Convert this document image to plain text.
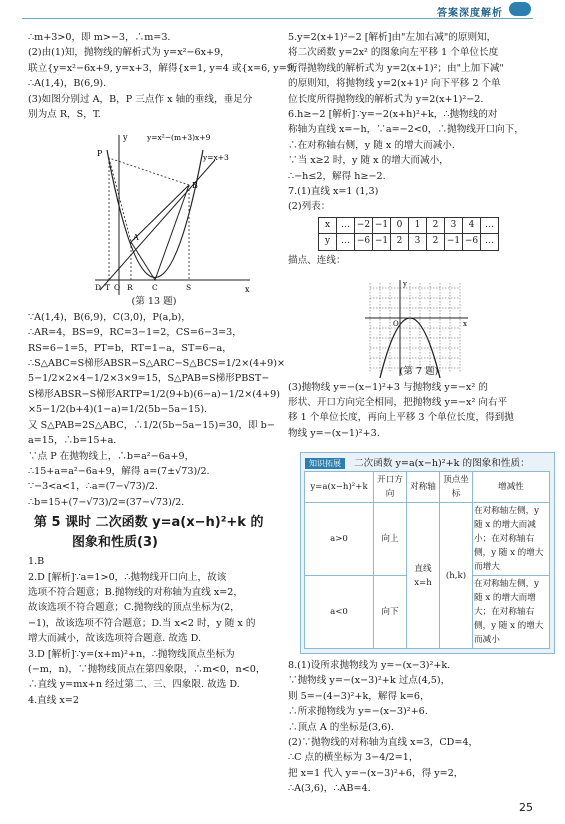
答案深度解析

∴m+3>0，即 m>−3，∴m=3.

(2)由(1)知，抛物线的解析式为 y=x²−6x+9，

联立{y=x²−6x+9, y=x+3，解得{x=1, y=4 或{x=6, y=9，

∴A(1,4)，B(6,9).

(3)如图分别过 A，B，P 三点作 x 轴的垂线，垂足分

别为点 R，S，T.

(第 13 题)

∵A(1,4)，B(6,9)，C(3,0)，P(a,b)，

∴AR=4，BS=9，RC=3−1=2，CS=6−3=3，

RS=6−1=5，PT=b，RT=1−a，ST=6−a，

∴S△ABC=S梯形ABSR−S△ARC−S△BCS=1/2×(4+9)×

5−1/2×2×4−1/2×3×9=15，S△PAB=S梯形PBST−

S梯形ABSR−S梯形ARTP=1/2(9+b)(6−a)−1/2×(4+9)

×5−1/2(b+4)(1−a)=1/2(5b−5a−15).

又 S△PAB=2S△ABC，∴1/2(5b−5a−15)=30，即 b−

a=15，∴b=15+a.

∵点 P 在抛物线上，∴b=a²−6a+9，

∴15+a=a²−6a+9，解得 a=(7±√73)/2.

∵−3<a<1，∴a=(7−√73)/2.

∴b=15+(7−√73)/2=(37−√73)/2.

第 5 课时 二次函数 y=a(x−h)²+k 的

图象和性质(3)

1.B

2.D [解析]∵a=1>0，∴抛物线开口向上，故该

选项不符合题意；B.抛物线的对称轴为直线 x=2，

故该选项不符合题意；C.抛物线的顶点坐标为(2，

−1)，故该选项不符合题意；D.当 x<2 时，y 随 x 的

增大而减小，故该选项符合题意. 故选 D.

3.D [解析]∵y=(x+m)²+n，∴抛物线顶点坐标为

(−m，n)，∵抛物线顶点在第四象限，∴m<0，n<0，

∴直线 y=mx+n 经过第二、三、四象限. 故选 D.

4.直线 x=2

x
y	y=x²−(m+3)x+9
y=x+3
P
A
B
O R
T	C	S
D

5.y=2(x+1)²−2 [解析]由"左加右减"的原则知，

将二次函数 y=2x² 的图象向左平移 1 个单位长度

所得抛物线的解析式为 y=2(x+1)²；由"上加下减"

的原则知，将抛物线 y=2(x+1)² 向下平移 2 个单

位长度所得抛物线的解析式为 y=2(x+1)²−2.

6.h≥−2 [解析]∵y=−2(x+h)²+k，∴抛物线的对

称轴为直线 x=−h，∵a=−2<0，∴抛物线开口向下，

∴在对称轴右侧，y 随 x 的增大而减小.

∵当 x≥2 时，y 随 x 的增大而减小，

∴−h≤2，解得 h≥−2.

7.(1)直线 x=1 (1,3)

(2)列表：

x	…	−2	−1	0	1	2	3	4	…
y	…	−6	−1	2	3	2	−1	−6	…

描点、连线：

(第 7 题)

(3)抛物线 y=−(x−1)²+3 与抛物线 y=−x² 的

形状、开口方向完全相同，把抛物线 y=−x² 向右平

移 1 个单位长度，再向上平移 3 个单位长度，得到抛

物线 y=−(x−1)²+3.

x
y
O
知识拓展 二次函数 y=a(x−h)²+k 的图象和性质：
y=a(x−h)²+k	开口方向	对称轴	顶点坐标	增减性
a>0	向上	直线 x=h	(h,k)	在对称轴左侧，y 随 x 的增大而减小；在对称轴右侧，y 随 x 的增大而增大
a<0	向下			在对称轴左侧，y 随 x 的增大而增大；在对称轴右侧，y 随 x 的增大而减小

8.(1)设所求抛物线为 y=−(x−3)²+k.

∵抛物线 y=−(x−3)²+k 过点(4,5)，

则 5=−(4−3)²+k，解得 k=6，

∴所求抛物线为 y=−(x−3)²+6.

∴顶点 A 的坐标是(3,6).

(2)∵抛物线的对称轴为直线 x=3，CD=4，

∴C 点的横坐标为 3−4/2=1，

把 x=1 代入 y=−(x−3)²+6，得 y=2，

∴A(3,6)，∴AB=4.

25
